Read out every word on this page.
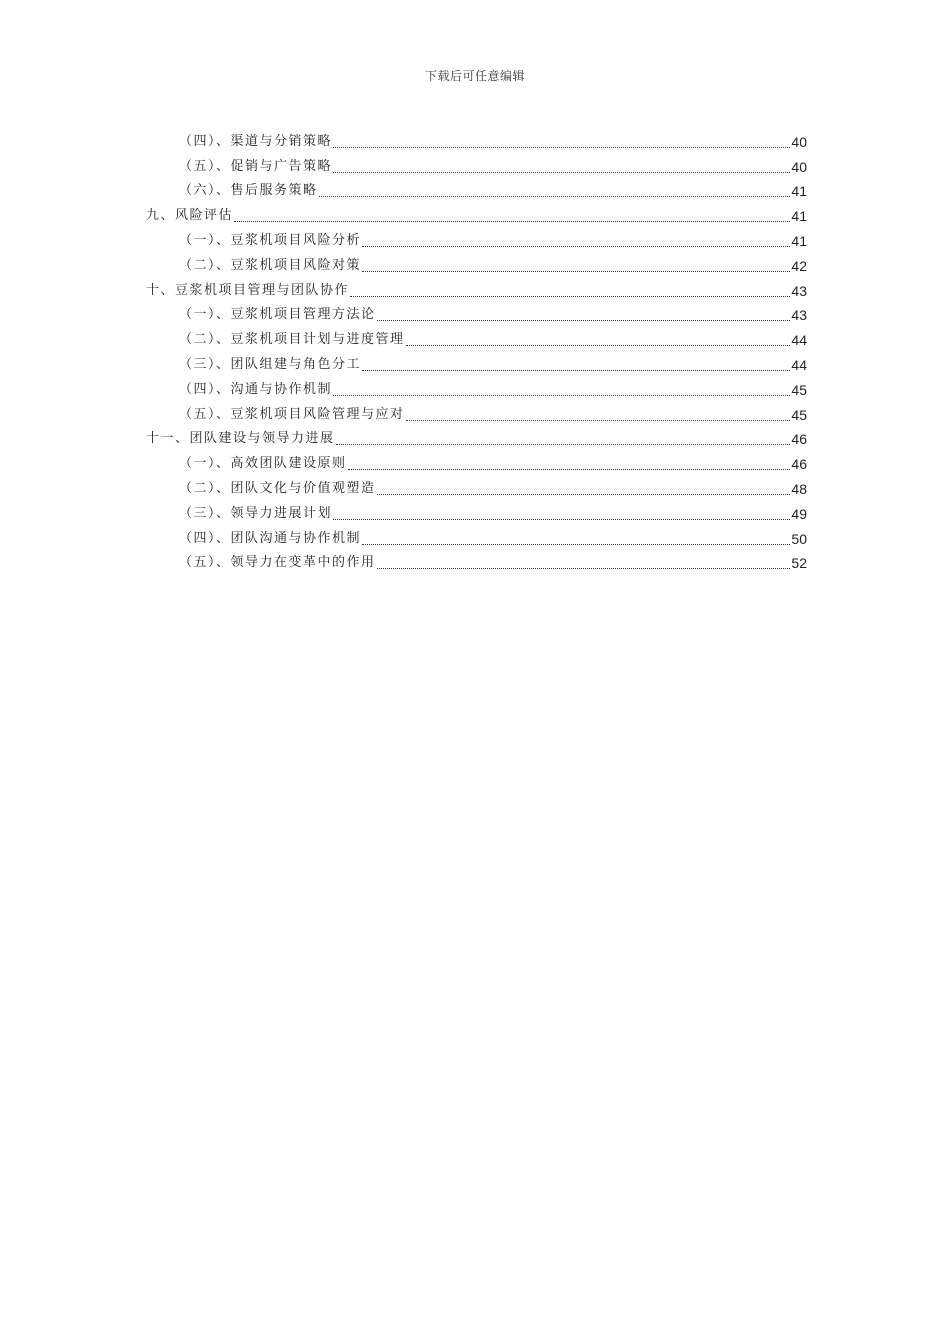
下载后可任意编辑
（四）、渠道与分销策略	40
（五）、促销与广告策略	40
（六）、售后服务策略	41
九、风险评估	41
（一）、豆浆机项目风险分析	41
（二）、豆浆机项目风险对策	42
十、豆浆机项目管理与团队协作	43
（一）、豆浆机项目管理方法论	43
（二）、豆浆机项目计划与进度管理	44
（三）、团队组建与角色分工	44
（四）、沟通与协作机制	45
（五）、豆浆机项目风险管理与应对	45
十一、团队建设与领导力进展	46
（一）、高效团队建设原则	46
（二）、团队文化与价值观塑造	48
（三）、领导力进展计划	49
（四）、团队沟通与协作机制	50
（五）、领导力在变革中的作用	52
